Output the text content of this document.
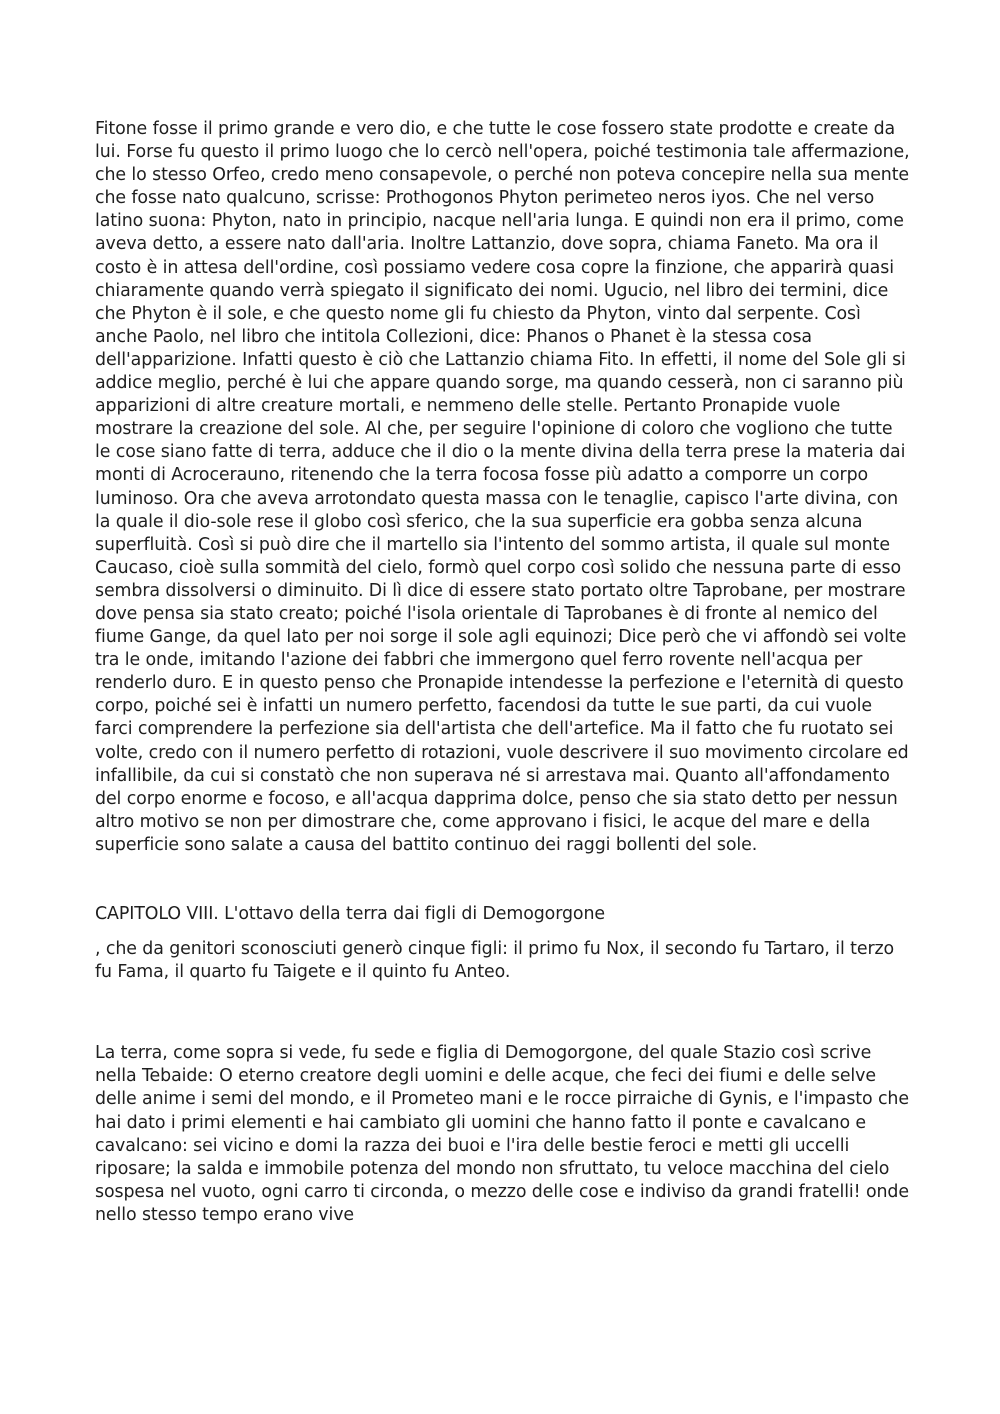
Fitone fosse il primo grande e vero dio, e che tutte le cose fossero state prodotte e create da lui. Forse fu questo il primo luogo che lo cercò nell'opera, poiché testimonia tale affermazione, che lo stesso Orfeo, credo meno consapevole, o perché non poteva concepire nella sua mente che fosse nato qualcuno, scrisse: Prothogonos Phyton perimeteo neros iyos. Che nel verso latino suona: Phyton, nato in principio, nacque nell'aria lunga. E quindi non era il primo, come aveva detto, a essere nato dall'aria. Inoltre Lattanzio, dove sopra, chiama Faneto. Ma ora il costo è in attesa dell'ordine, così possiamo vedere cosa copre la finzione, che apparirà quasi chiaramente quando verrà spiegato il significato dei nomi. Ugucio, nel libro dei termini, dice che Phyton è il sole, e che questo nome gli fu chiesto da Phyton, vinto dal serpente. Così anche Paolo, nel libro che intitola Collezioni, dice: Phanos o Phanet è la stessa cosa dell'apparizione. Infatti questo è ciò che Lattanzio chiama Fito. In effetti, il nome del Sole gli si addice meglio, perché è lui che appare quando sorge, ma quando cesserà, non ci saranno più apparizioni di altre creature mortali, e nemmeno delle stelle. Pertanto Pronapide vuole mostrare la creazione del sole. Al che, per seguire l'opinione di coloro che vogliono che tutte le cose siano fatte di terra, adduce che il dio o la mente divina della terra prese la materia dai monti di Acroceraunο, ritenendo che la terra focosa fosse più adatto a comporre un corpo luminoso. Ora che aveva arrotondato questa massa con le tenaglie, capisco l'arte divina, con la quale il dio-sole rese il globo così sferico, che la sua superficie era gobba senza alcuna superfluità. Così si può dire che il martello sia l'intento del sommo artista, il quale sul monte Caucaso, cioè sulla sommità del cielo, formò quel corpo così solido che nessuna parte di esso sembra dissolversi o diminuito. Di lì dice di essere stato portato oltre Taprobane, per mostrare dove pensa sia stato creato; poiché l'isola orientale di Taprobanes è di fronte al nemico del fiume Gange, da quel lato per noi sorge il sole agli equinozi; Dice però che vi affondò sei volte tra le onde, imitando l'azione dei fabbri che immergono quel ferro rovente nell'acqua per renderlo duro. E in questo penso che Pronapide intendesse la perfezione e l'eternità di questo corpo, poiché sei è infatti un numero perfetto, facendosi da tutte le sue parti, da cui vuole farci comprendere la perfezione sia dell'artista che dell'artefice. Ma il fatto che fu ruotato sei volte, credo con il numero perfetto di rotazioni, vuole descrivere il suo movimento circolare ed infallibile, da cui si constatò che non superava né si arrestava mai. Quanto all'affondamento del corpo enorme e focoso, e all'acqua dapprima dolce, penso che sia stato detto per nessun altro motivo se non per dimostrare che, come approvano i fisici, le acque del mare e della superficie sono salate a causa del battito continuo dei raggi bollenti del sole.

CAPITOLO VIII. L'ottavo della terra dai figli di Demogorgone

, che da genitori sconosciuti generò cinque figli: il primo fu Nox, il secondo fu Tartaro, il terzo fu Fama, il quarto fu Taigete e il quinto fu Anteo.

La terra, come sopra si vede, fu sede e figlia di Demogorgone, del quale Stazio così scrive nella Tebaide: O eterno creatore degli uomini e delle acque, che feci dei fiumi e delle selve delle anime i semi del mondo, e il Prometeo mani e le rocce pirraiche di Gynis, e l'impasto che hai dato i primi elementi e hai cambiato gli uomini che hanno fatto il ponte e cavalcano e cavalcano: sei vicino e domi la razza dei buoi e l'ira delle bestie feroci e metti gli uccelli riposare; la salda e immobile potenza del mondo non sfruttato, tu veloce macchina del cielo sospesa nel vuoto, ogni carro ti circonda, o mezzo delle cose e indiviso da grandi fratelli! onde nello stesso tempo erano vive
